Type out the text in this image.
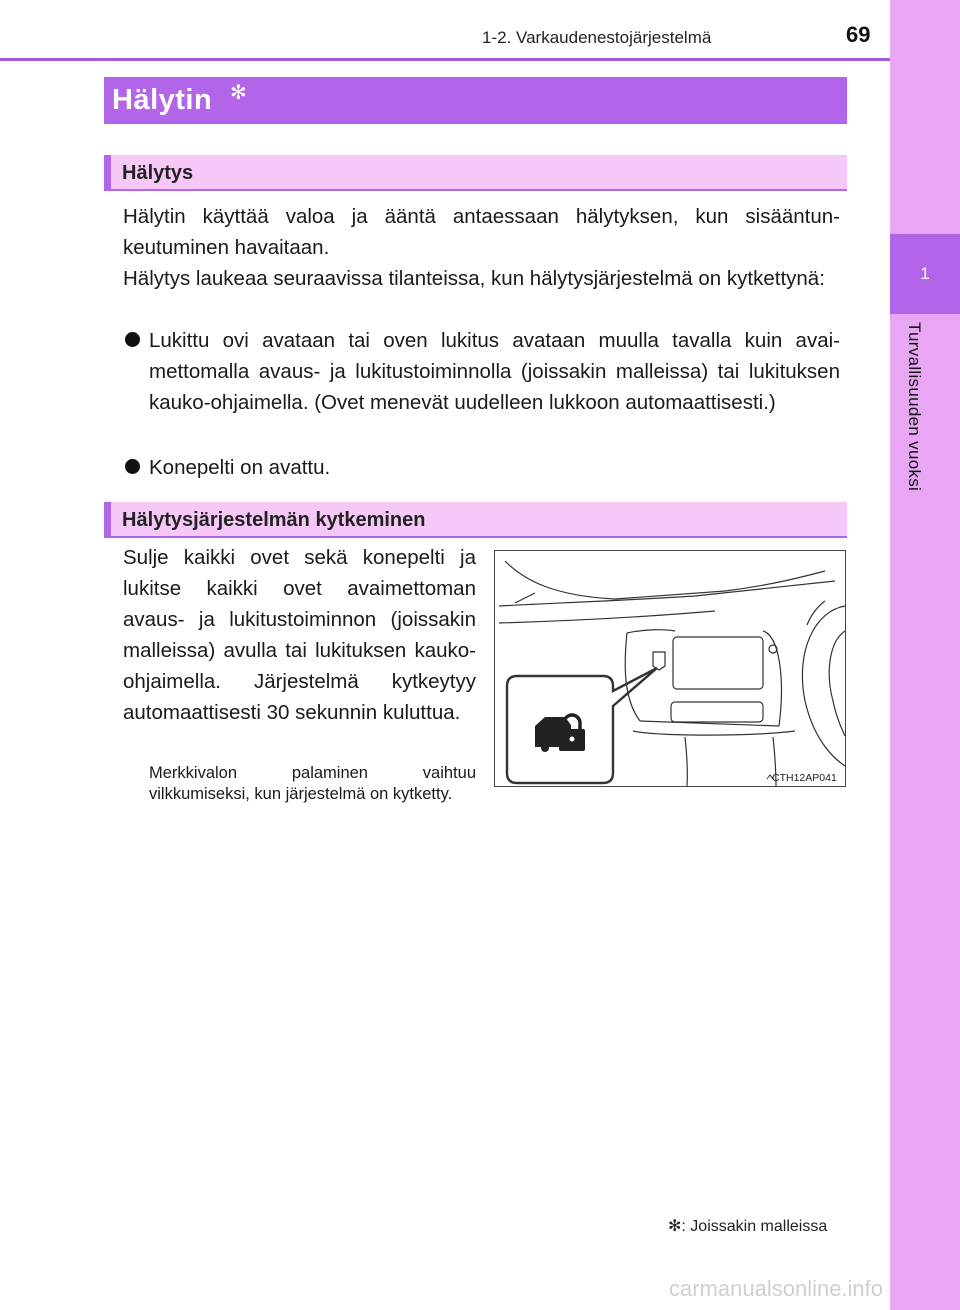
1
Turvallisuuden vuoksi
1-2. Varkaudenestojärjestelmä	69
Hälytin ✻
Hälytys
Hälytin käyttää valoa ja ääntä antaessaan hälytyksen, kun sisääntunkeutuminen havaitaan.
Hälytys laukeaa seuraavissa tilanteissa, kun hälytysjärjestelmä on kytkettynä:
Lukittu ovi avataan tai oven lukitus avataan muulla tavalla kuin avaimettomalla avaus- ja lukitustoiminnolla (joissakin malleissa) tai lukituksen kauko-ohjaimella. (Ovet menevät uudelleen lukkoon automaattisesti.)
Konepelti on avattu.
Hälytysjärjestelmän kytkeminen
Sulje kaikki ovet sekä konepelti ja lukitse kaikki ovet avaimettoman avaus- ja lukitustoiminnon (joissakin malleissa) avulla tai lukituksen kauko-ohjaimella. Järjestelmä kytkeytyy automaattisesti 30 sekunnin kuluttua.
Merkkivalon palaminen vaihtuu vilkkumiseksi, kun järjestelmä on kytketty.
CTH12AP041
✻: Joissakin malleissa
carmanualsonline.info
